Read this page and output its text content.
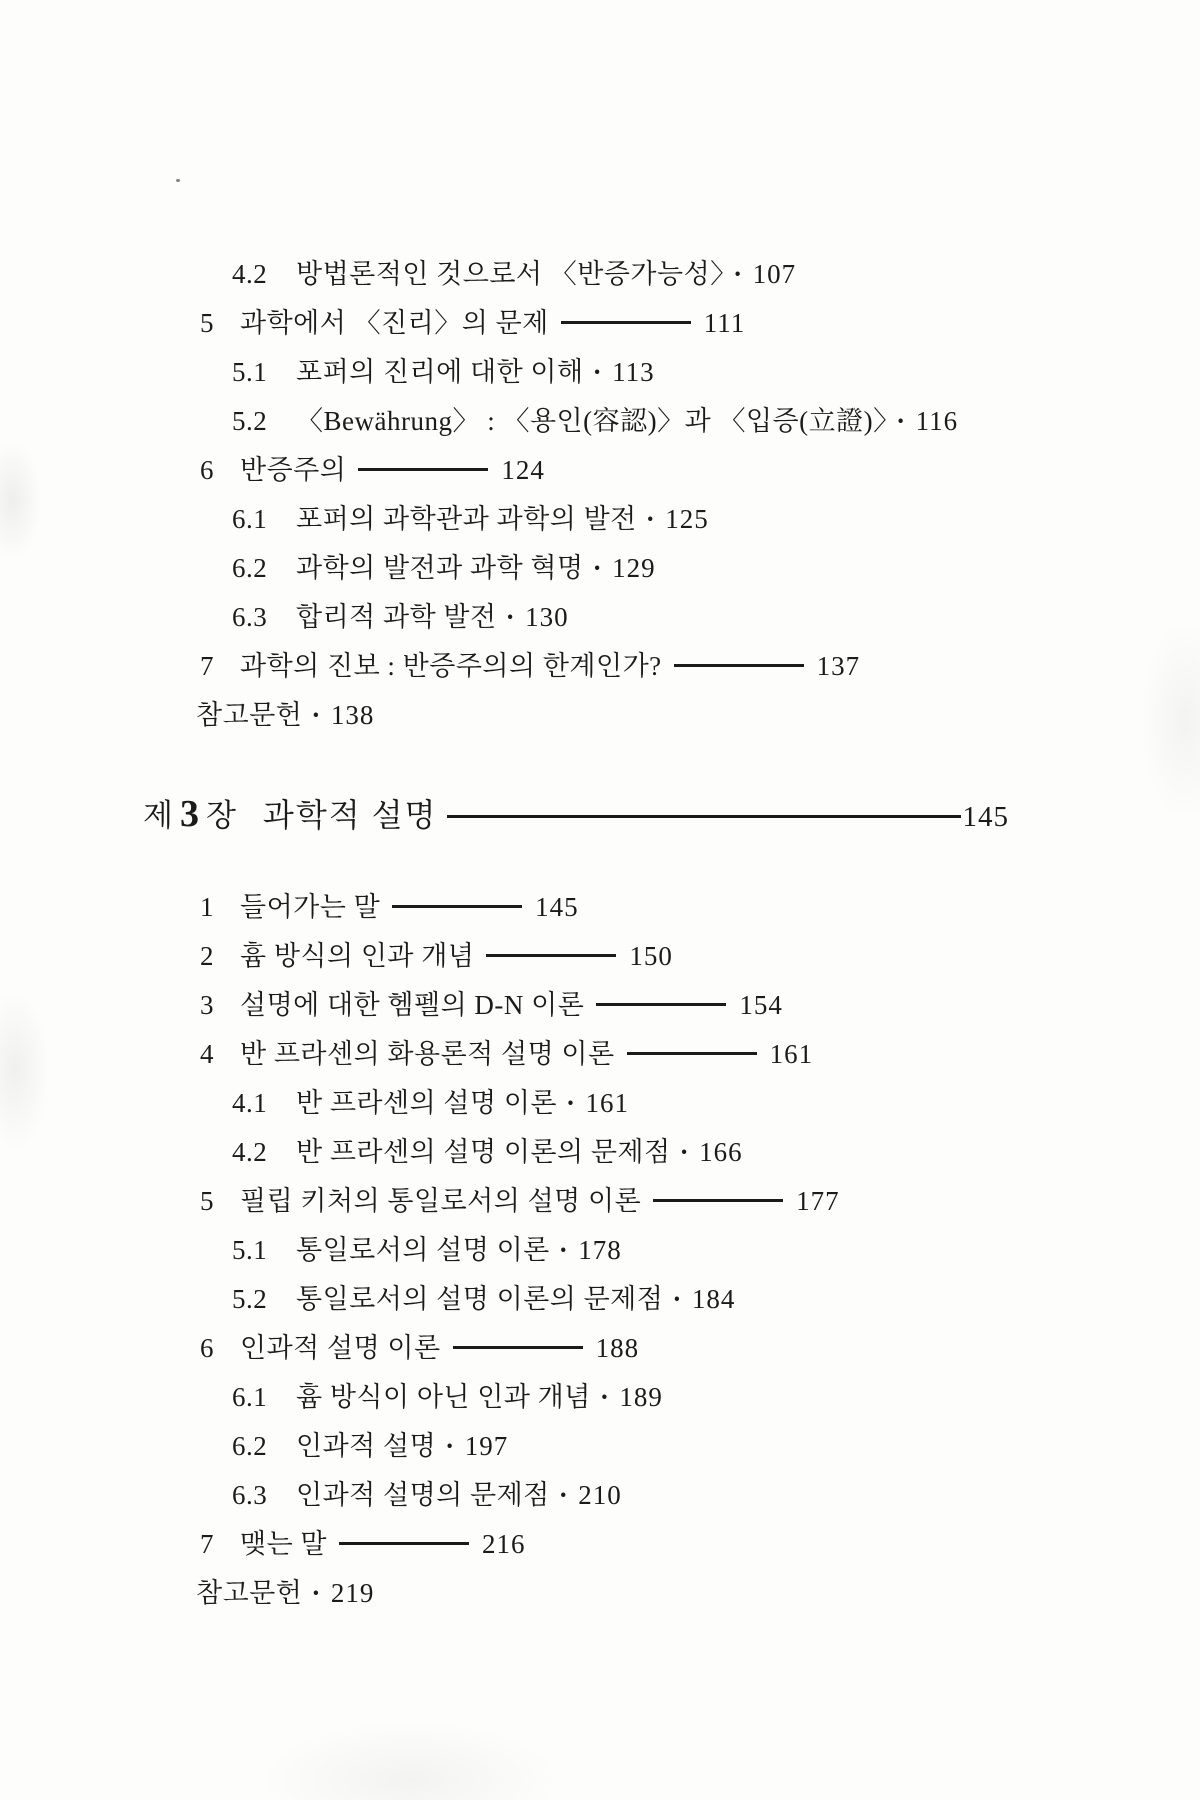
4.2 방법론적인 것으로서 〈반증가능성〉 · 107
5 과학에서 〈진리〉의 문제	111
5.1 포퍼의 진리에 대한 이해 · 113
5.2 〈Bewährung〉 : 〈용인(容認)〉과 〈입증(立證)〉 · 116
6 반증주의	124
6.1 포퍼의 과학관과 과학의 발전 · 125
6.2 과학의 발전과 과학 혁명 · 129
6.3 합리적 과학 발전 · 130
7 과학의 진보 : 반증주의의 한계인가?	137
참고문헌 · 138
제 3 장 과학적 설명	145
1 들어가는 말	145
2 흄 방식의 인과 개념	150
3 설명에 대한 헴펠의 D-N 이론	154
4 반 프라센의 화용론적 설명 이론	161
4.1 반 프라센의 설명 이론 · 161
4.2 반 프라센의 설명 이론의 문제점 · 166
5 필립 키처의 통일로서의 설명 이론	177
5.1 통일로서의 설명 이론 · 178
5.2 통일로서의 설명 이론의 문제점 · 184
6 인과적 설명 이론	188
6.1 흄 방식이 아닌 인과 개념 · 189
6.2 인과적 설명 · 197
6.3 인과적 설명의 문제점 · 210
7 맺는 말	216
참고문헌 · 219
